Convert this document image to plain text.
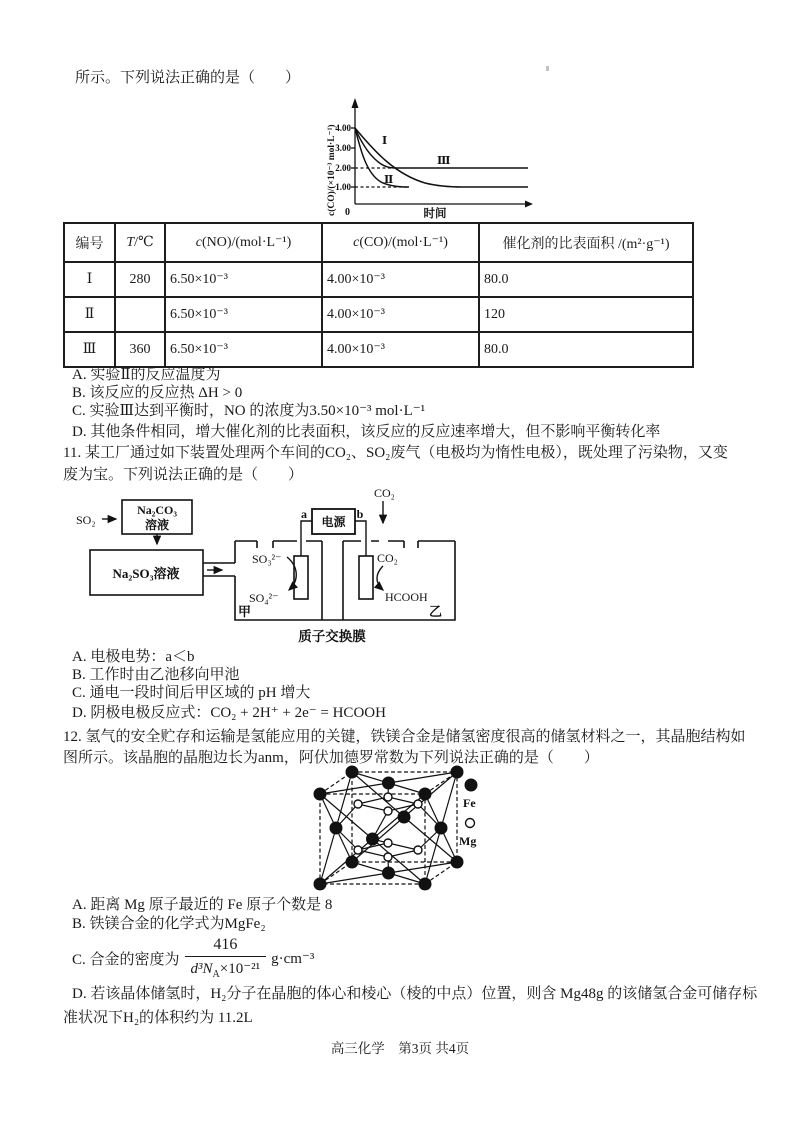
所示。下列说法正确的是（　　）
4.00
3.00
2.00
1.00
0
Ⅰ
Ⅱ
Ⅲ
时间
c(CO)/(×10⁻³ mol·L⁻¹)
编号	T/℃	c(NO)/(mol·L⁻¹)	c(CO)/(mol·L⁻¹)	催化剂的比表面积 /(m²·g⁻¹)
Ⅰ	280	6.50×10⁻³	4.00×10⁻³	80.0
Ⅱ		6.50×10⁻³	4.00×10⁻³	120
Ⅲ	360	6.50×10⁻³	4.00×10⁻³	80.0
A. 实验Ⅱ的反应温度为
B. 该反应的反应热 ΔH > 0
C. 实验Ⅲ达到平衡时，NO 的浓度为3.50×10⁻³ mol·L⁻¹
D. 其他条件相同，增大催化剂的比表面积，该反应的反应速率增大，但不影响平衡转化率
11. 某工厂通过如下装置处理两个车间的CO₂、SO₂废气（电极均为惰性电极），既处理了污染物，又变
废为宝。下列说法正确的是（　　）
SO₂
Na₂CO₃
溶液
Na₂SO₃溶液
电源
a	b
CO₂
SO₃²⁻
SO₄²⁻
CO₂
HCOOH
甲	乙
质子交换膜
A. 电极电势：a＜b
B. 工作时由乙池移向甲池
C. 通电一段时间后甲区域的 pH 增大
D. 阴极电极反应式：CO₂ + 2H⁺ + 2e⁻ = HCOOH
12. 氢气的安全贮存和运输是氢能应用的关键，铁镁合金是储氢密度很高的储氢材料之一，其晶胞结构如
图所示。该晶胞的晶胞边长为anm，阿伏加德罗常数为下列说法正确的是（　　）
Fe
Mg
A. 距离 Mg 原子最近的 Fe 原子个数是 8
B. 铁镁合金的化学式为MgFe₂
C. 合金的密度为 $\frac{416}{d^3N_A\times 10^{-21}} g\cdot cm^{-3}$
D. 若该晶体储氢时，H₂分子在晶胞的体心和棱心（棱的中点）位置，则含 Mg48g 的该储氢合金可储存标
准状况下H₂的体积约为 11.2L
高三化学　第3页 共4页
